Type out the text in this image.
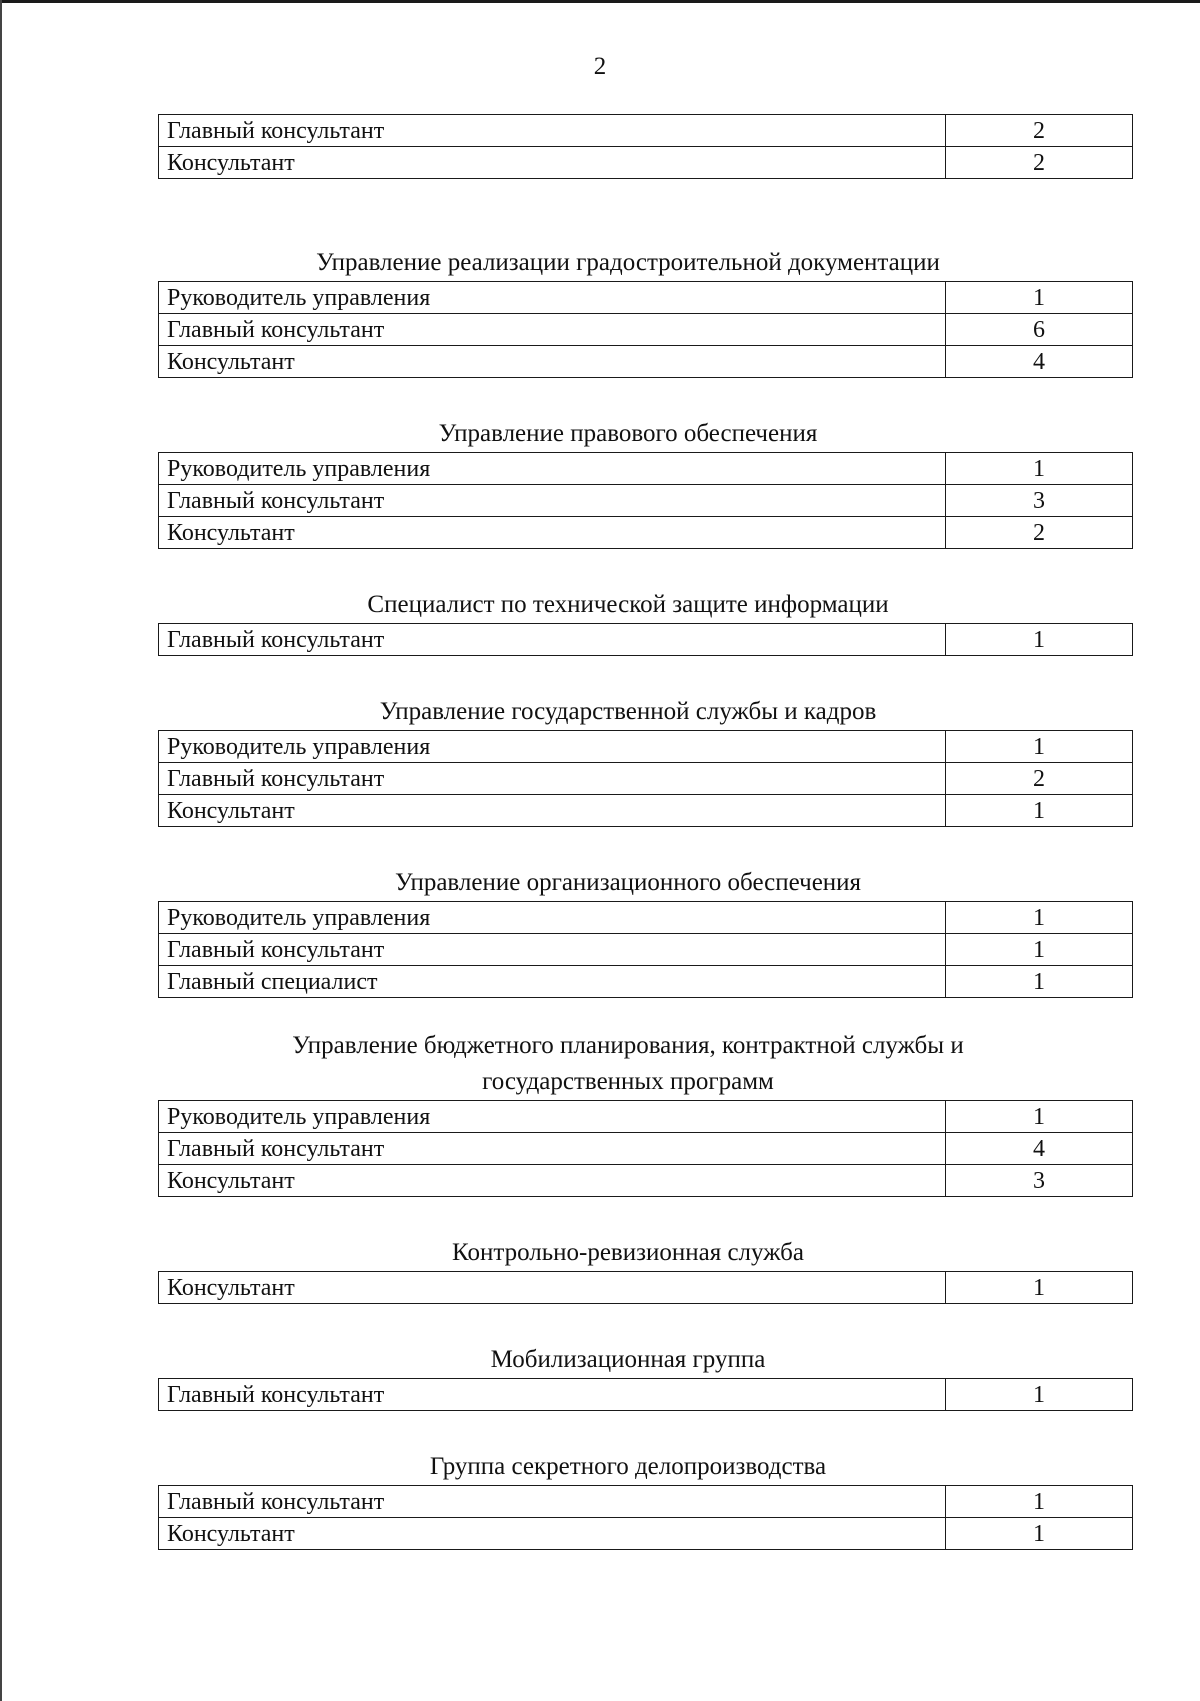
2
Главный консультант	2
Консультант	2

Управление реализации градостроительной документации

Руководитель управления	1
Главный консультант	6
Консультант	4

Управление правового обеспечения

Руководитель управления	1
Главный консультант	3
Консультант	2

Специалист по технической защите информации

Главный консультант	1

Управление государственной службы и кадров

Руководитель управления	1
Главный консультант	2
Консультант	1

Управление организационного обеспечения

Руководитель управления	1
Главный консультант	1
Главный специалист	1

Управление бюджетного планирования, контрактной службы и

государственных программ

Руководитель управления	1
Главный консультант	4
Консультант	3

Контрольно-ревизионная служба

Консультант	1

Мобилизационная группа

Главный консультант	1

Группа секретного делопроизводства

Главный консультант	1
Консультант	1
